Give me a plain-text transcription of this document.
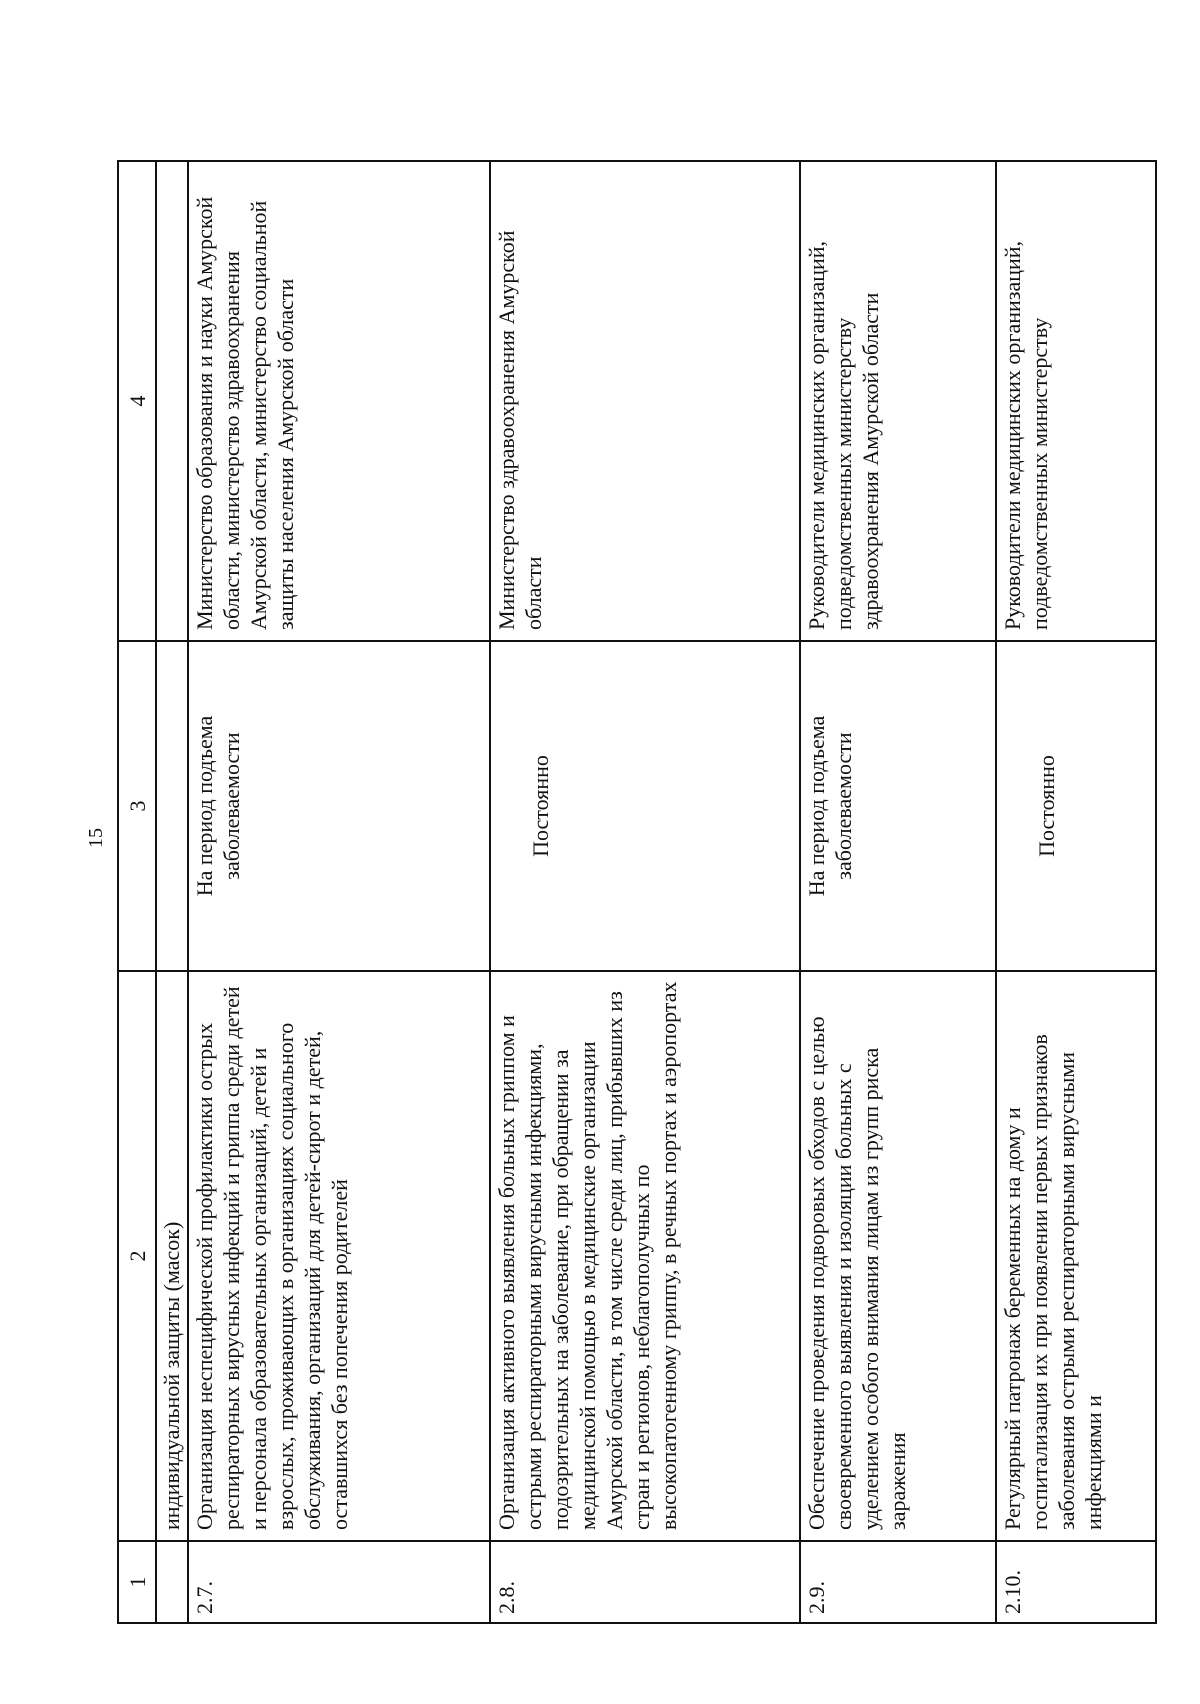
15
1	2	3	4
	индивидуальной защиты (масок)		
2.7.	Организация неспецифической профилактики острых респираторных вирусных инфекций и гриппа среди детей и персонала образовательных организаций, детей и взрослых, проживающих в организациях социального обслуживания, организаций для детей-сирот и детей, оставшихся без попечения родителей	На период подъема заболеваемости	Министерство образования и науки Амурской области, министерство здравоохранения Амурской области, министерство социальной защиты населения Амурской области
2.8.	Организация активного выявления больных гриппом и острыми респираторными вирусными инфекциями, подозрительных на заболевание, при обращении за медицинской помощью в медицинские организации Амурской области, в том числе среди лиц, прибывших из стран и регионов, неблагополучных по высокопатогенному гриппу, в речных портах и аэропортах	Постоянно	Министерство здравоохранения Амурской области
2.9.	Обеспечение проведения подворовых обходов с целью своевременного выявления и изоляции больных с уделением особого внимания лицам из групп риска заражения	На период подъема заболеваемости	Руководители медицинских организаций, подведомственных министерству здравоохранения Амурской области
2.10.	Регулярный патронаж беременных на дому и госпитализация их при появлении первых признаков заболевания острыми респираторными вирусными инфекциями и	Постоянно	Руководители медицинских организаций, подведомственных министерству
